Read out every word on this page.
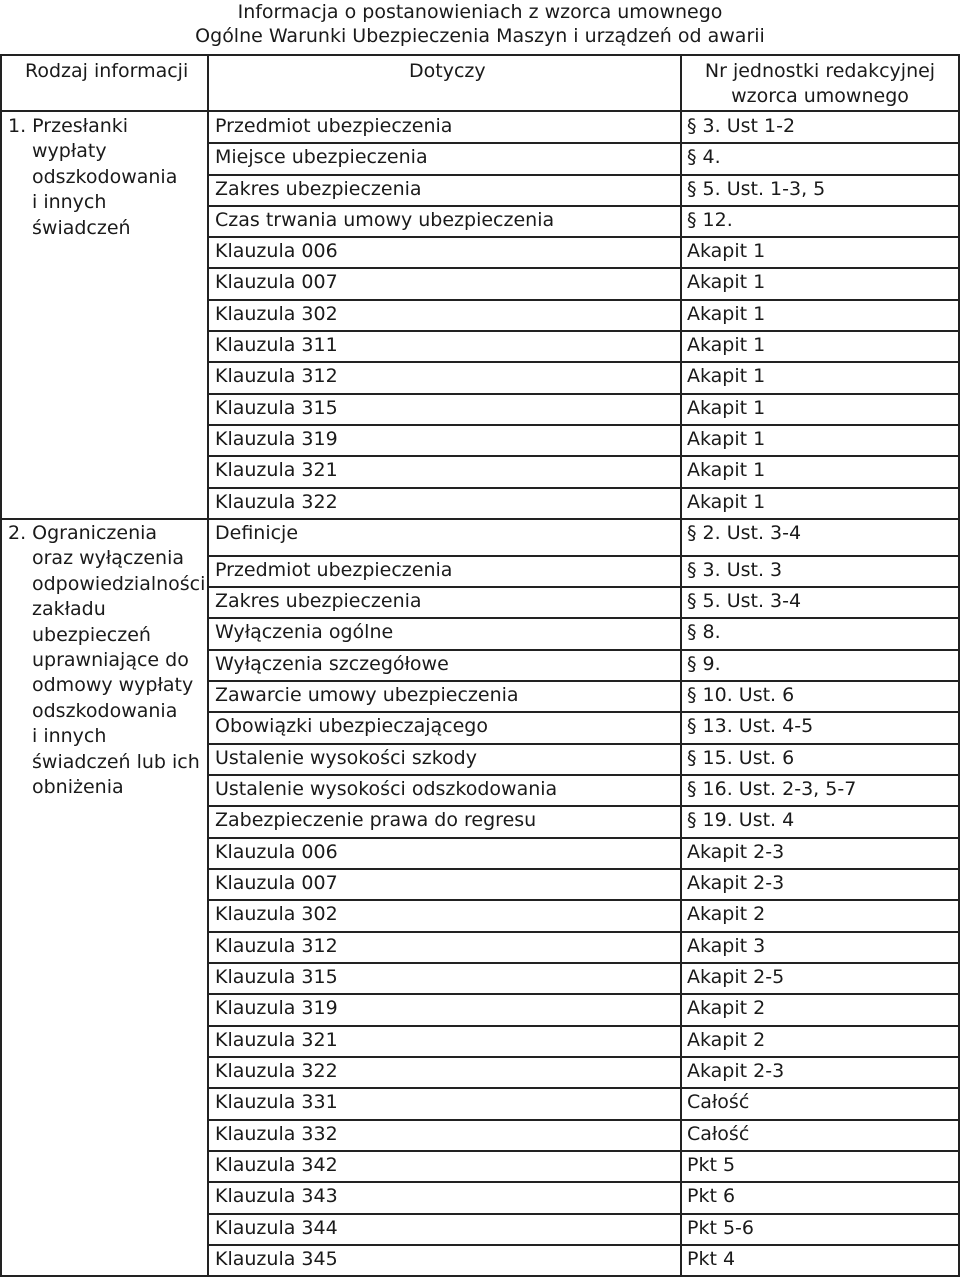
Informacja o postanowieniach z wzorca umownego
Ogólne Warunki Ubezpieczenia Maszyn i urządzeń od awarii
Rodzaj informacji	Dotyczy	Nr jednostki redakcyjnej
wzorca umownego
1. Przesłanki
wypłaty
odszkodowania
i innych
świadczeń
Przedmiot ubezpieczenia	§ 3. Ust 1-2
Miejsce ubezpieczenia	§ 4.
Zakres ubezpieczenia	§ 5. Ust. 1-3, 5
Czas trwania umowy ubezpieczenia	§ 12.
Klauzula 006	Akapit 1
Klauzula 007	Akapit 1
Klauzula 302	Akapit 1
Klauzula 311	Akapit 1
Klauzula 312	Akapit 1
Klauzula 315	Akapit 1
Klauzula 319	Akapit 1
Klauzula 321	Akapit 1
Klauzula 322	Akapit 1
2. Ograniczenia
oraz wyłączenia
odpowiedzialności
zakładu
ubezpieczeń
uprawniające do
odmowy wypłaty
odszkodowania
i innych
świadczeń lub ich
obniżenia
Definicje	§ 2. Ust. 3-4
Przedmiot ubezpieczenia	§ 3. Ust. 3
Zakres ubezpieczenia	§ 5. Ust. 3-4
Wyłączenia ogólne	§ 8.
Wyłączenia szczegółowe	§ 9.
Zawarcie umowy ubezpieczenia	§ 10. Ust. 6
Obowiązki ubezpieczającego	§ 13. Ust. 4-5
Ustalenie wysokości szkody	§ 15. Ust. 6
Ustalenie wysokości odszkodowania	§ 16. Ust. 2-3, 5-7
Zabezpieczenie prawa do regresu	§ 19. Ust. 4
Klauzula 006	Akapit 2-3
Klauzula 007	Akapit 2-3
Klauzula 302	Akapit 2
Klauzula 312	Akapit 3
Klauzula 315	Akapit 2-5
Klauzula 319	Akapit 2
Klauzula 321	Akapit 2
Klauzula 322	Akapit 2-3
Klauzula 331	Całość
Klauzula 332	Całość
Klauzula 342	Pkt 5
Klauzula 343	Pkt 6
Klauzula 344	Pkt 5-6
Klauzula 345	Pkt 4
